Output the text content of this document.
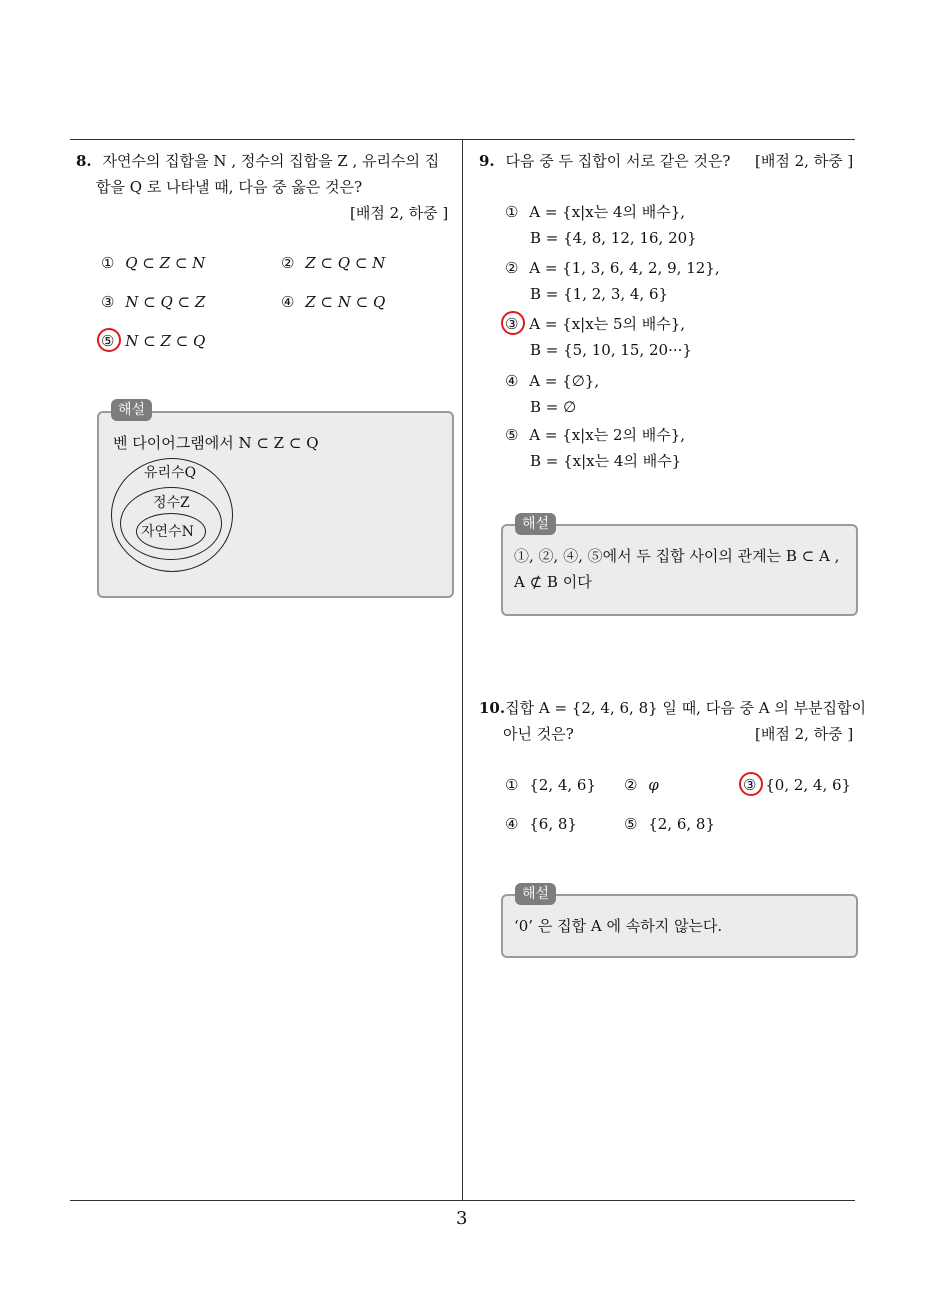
8. 자연수의 집합을 N , 정수의 집합을 Z , 유리수의 집
합을 Q 로 나타낼 때, 다음 중 옳은 것은?
[배점 2, 하중 ]
① Q ⊂ Z ⊂ N	② Z ⊂ Q ⊂ N
③ N ⊂ Q ⊂ Z	④ Z ⊂ N ⊂ Q
⑤ N ⊂ Z ⊂ Q
해설
벤 다이어그램에서 N ⊂ Z ⊂ Q
유리수Q
정수Z
자연수N
9. 다음 중 두 집합이 서로 같은 것은? [배점 2, 하중 ]
① A = {x|x는 4의 배수},
B = {4, 8, 12, 16, 20}
② A = {1, 3, 6, 4, 2, 9, 12},
B = {1, 2, 3, 4, 6}
③ A = {x|x는 5의 배수},
B = {5, 10, 15, 20···}
④ A = {∅},
B = ∅
⑤ A = {x|x는 2의 배수},
B = {x|x는 4의 배수}
해설
①, ②, ④, ⑤에서 두 집합 사이의 관계는 B ⊂ A ,
A ⊄ B 이다
10.집합 A = {2, 4, 6, 8} 일 때, 다음 중 A 의 부분집합이
아닌 것은?	[배점 2, 하중 ]
① {2, 4, 6} ② φ	③ {0, 2, 4, 6}
④ {6, 8}	⑤ {2, 6, 8}
해설
‘0’ 은 집합 A 에 속하지 않는다.
3
